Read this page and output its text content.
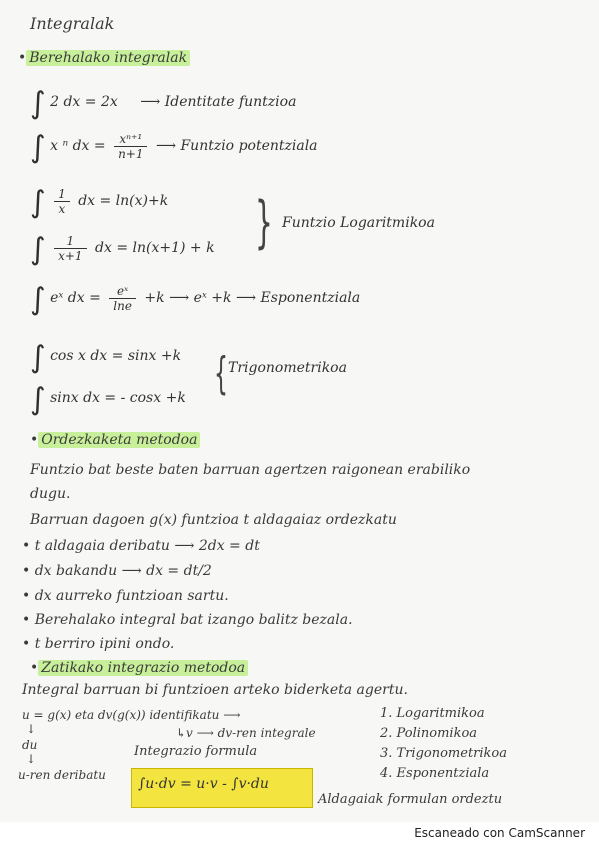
Integralak
• Berehalako integralak
∫ 2 dx = 2x ⟶ Identitate funtzioa
∫ x ⁿ dx = $\frac{\text{xⁿ⁺¹}}{n+1}$ ⟶ Funtzio potentziala
∫ $\frac{1}{x}$ dx = ln(x)+k
∫ $\frac{1}{x+1}$ dx = ln(x+1) + k } Funtzio Logaritmikoa
∫ eˣ dx = $\frac{\text{eˣ}}{\ln e} +k$ ⟶ eˣ +k ⟶ Esponentziala
∫ cos x dx = sinx +k
∫ sinx dx = - cosx +k { Trigonometrikoa
• Ordezkaketa metodoa
Funtzio bat beste baten barruan agertzen raigonean erabiliko
dugu.
Barruan dagoen g(x) funtzioa t aldagaiaz ordezkatu
• t aldagaia deribatu ⟶ 2dx = dt
• dx bakandu ⟶ dx = dt/2
• dx aurreko funtzioan sartu.
• Berehalako integral bat izango balitz bezala.
• t berriro ipini ondo.
• Zatikako integrazio metodoa
Integral barruan bi funtzioen arteko biderketa agertu.
u = g(x) eta dv(g(x)) identifikatu ⟶
↳v ⟶ dv-ren integrale
↓
du
↓
u-ren deribatu
Integrazio formula
∫u·dv = u·v - ∫v·du
Aldagaiak formulan ordeztu
1. Logaritmikoa
2. Polinomikoa
3. Trigonometrikoa
4. Esponentziala
Escaneado con CamScanner
